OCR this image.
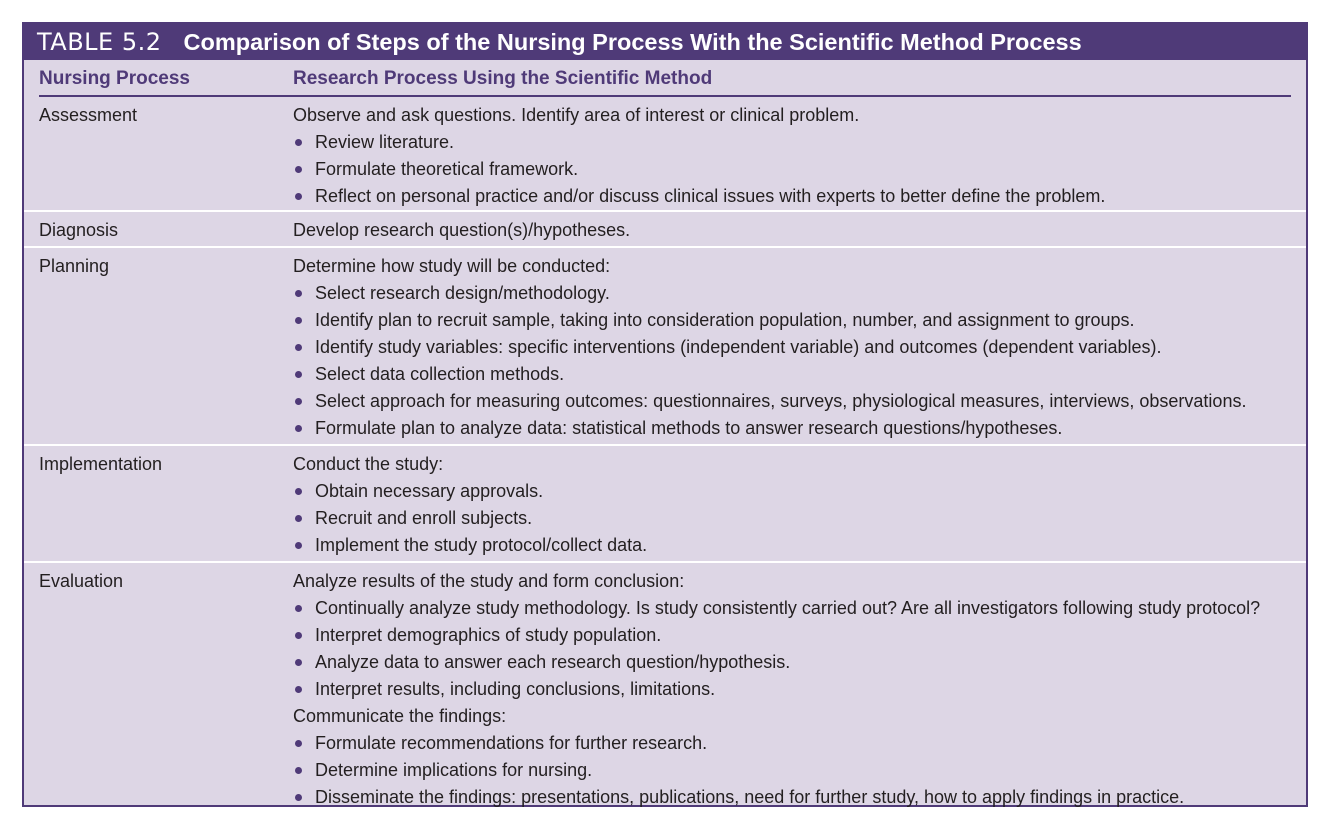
TABLE 5.2 Comparison of Steps of the Nursing Process With the Scientific Method Process
Nursing Process	Research Process Using the Scientific Method
Assessment	Observe and ask questions. Identify area of interest or clinical problem.
Review literature.
Formulate theoretical framework.
Reflect on personal practice and/or discuss clinical issues with experts to better define the problem.
Diagnosis	Develop research question(s)/hypotheses.
Planning	Determine how study will be conducted:
Select research design/methodology.
Identify plan to recruit sample, taking into consideration population, number, and assignment to groups.
Identify study variables: specific interventions (independent variable) and outcomes (dependent variables).
Select data collection methods.
Select approach for measuring outcomes: questionnaires, surveys, physiological measures, interviews, observations.
Formulate plan to analyze data: statistical methods to answer research questions/hypotheses.
Implementation	Conduct the study:
Obtain necessary approvals.
Recruit and enroll subjects.
Implement the study protocol/collect data.
Evaluation	Analyze results of the study and form conclusion:
Continually analyze study methodology. Is study consistently carried out? Are all investigators following study protocol?
Interpret demographics of study population.
Analyze data to answer each research question/hypothesis.
Interpret results, including conclusions, limitations.
Communicate the findings:
Formulate recommendations for further research.
Determine implications for nursing.
Disseminate the findings: presentations, publications, need for further study, how to apply findings in practice.
